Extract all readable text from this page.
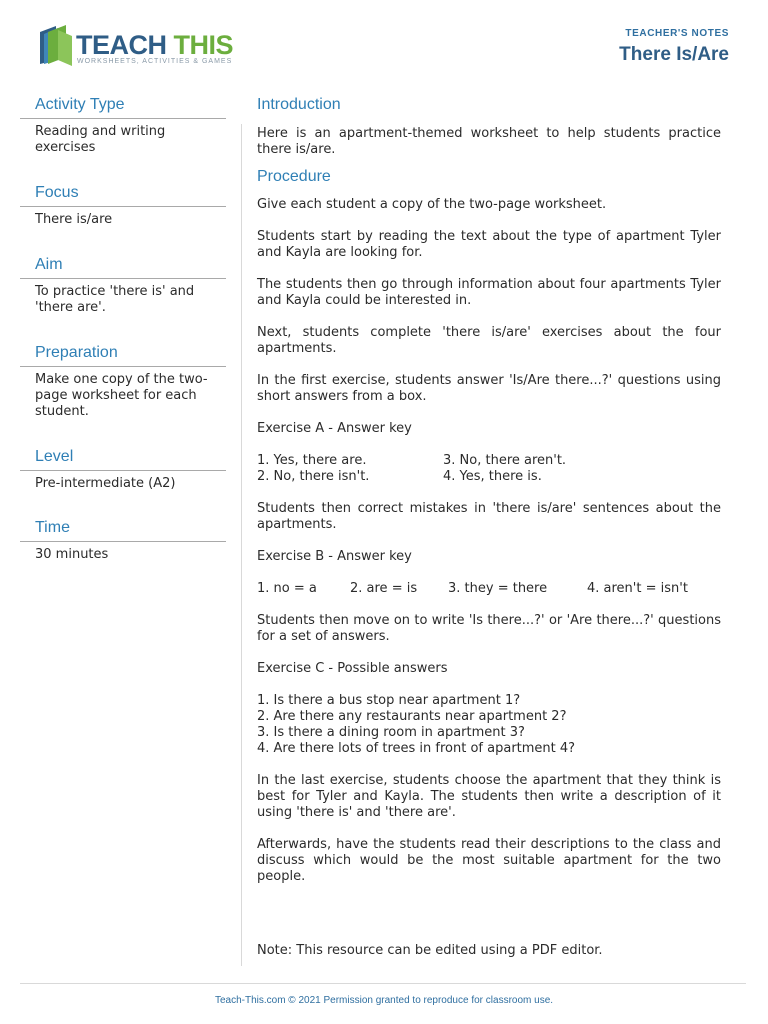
TEACH THIS
WORKSHEETS, ACTIVITIES & GAMES
TEACHER'S NOTES
There Is/Are
Activity Type
Reading and writing exercises
Focus
There is/are
Aim
To practice 'there is' and 'there are'.
Preparation
Make one copy of the two-page worksheet for each student.
Level
Pre-intermediate (A2)
Time
30 minutes
Introduction

Here is an apartment-themed worksheet to help students practice there is/are.

Procedure

Give each student a copy of the two-page worksheet.

Students start by reading the text about the type of apartment Tyler and Kayla are looking for.

The students then go through information about four apartments Tyler and Kayla could be interested in.

Next, students complete 'there is/are' exercises about the four apartments.

In the first exercise, students answer 'Is/Are there...?' questions using short answers from a box.

Exercise A - Answer key

1. Yes, there are.	3. No, there aren't.
2. No, there isn't.	4. Yes, there is.

Students then correct mistakes in 'there is/are' sentences about the apartments.

Exercise B - Answer key

1. no = a	2. are = is 3. they = there	4. aren't = isn't

Students then move on to write 'Is there...?' or 'Are there...?' questions for a set of answers.

Exercise C - Possible answers

1. Is there a bus stop near apartment 1?
2. Are there any restaurants near apartment 2?
3. Is there a dining room in apartment 3?
4. Are there lots of trees in front of apartment 4?

In the last exercise, students choose the apartment that they think is best for Tyler and Kayla. The students then write a description of it using 'there is' and 'there are'.

Afterwards, have the students read their descriptions to the class and discuss which would be the most suitable apartment for the two people.

Note: This resource can be edited using a PDF editor.

Teach-This.com © 2021 Permission granted to reproduce for classroom use.
